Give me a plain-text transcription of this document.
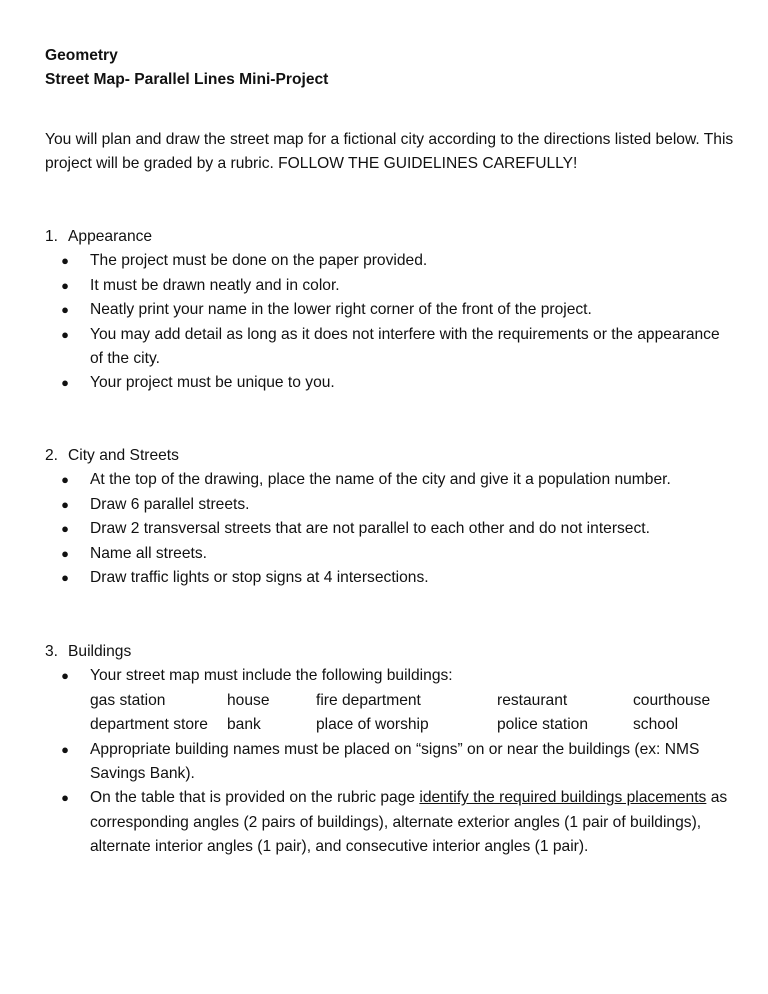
Geometry
Street Map- Parallel Lines Mini-Project
You will plan and draw the street map for a fictional city according to the directions listed below. This project will be graded by a rubric. FOLLOW THE GUIDELINES CAREFULLY!
1. Appearance
● The project must be done on the paper provided.
● It must be drawn neatly and in color.
● Neatly print your name in the lower right corner of the front of the project.
● You may add detail as long as it does not interfere with the requirements or the appearance of the city.
● Your project must be unique to you.
2. City and Streets
● At the top of the drawing, place the name of the city and give it a population number.
● Draw 6 parallel streets.
● Draw 2 transversal streets that are not parallel to each other and do not intersect.
● Name all streets.
● Draw traffic lights or stop signs at 4 intersections.
3. Buildings
● Your street map must include the following buildings:
gas station	house	fire department	restaurant	courthouse
department store	bank	place of worship	police station	school
● Appropriate building names must be placed on “signs” on or near the buildings (ex: NMS Savings Bank).
● On the table that is provided on the rubric page identify the required buildings placements as corresponding angles (2 pairs of buildings), alternate exterior angles (1 pair of buildings), alternate interior angles (1 pair), and consecutive interior angles (1 pair).
